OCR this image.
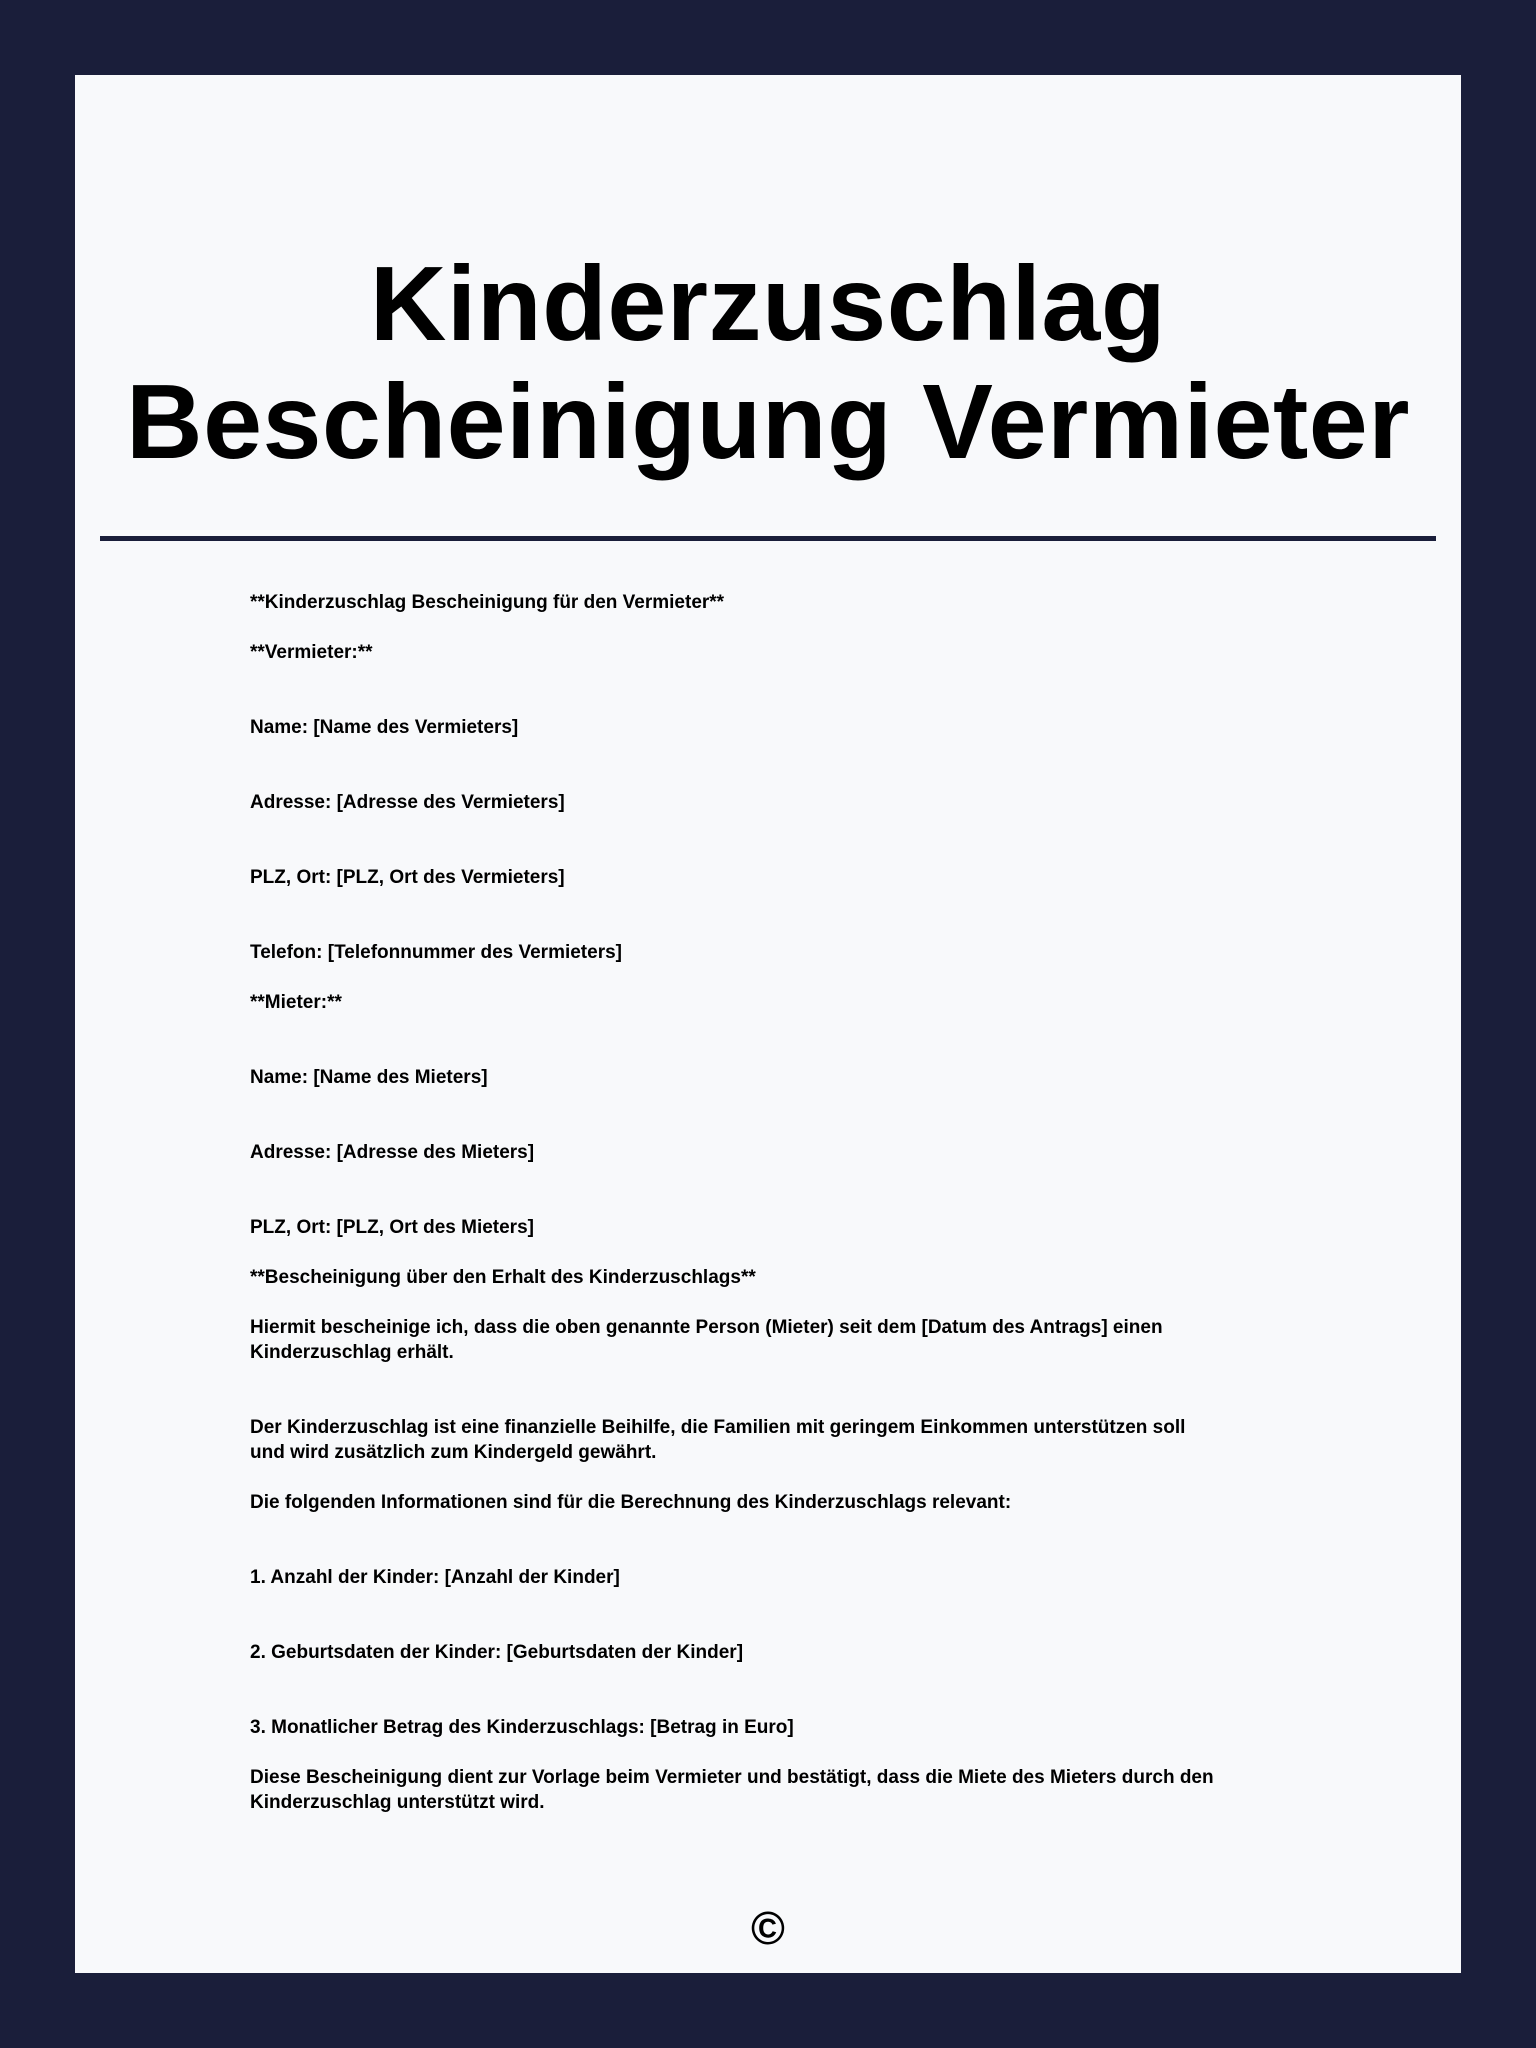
Kinderzuschlag
Bescheinigung Vermieter

**Kinderzuschlag Bescheinigung für den Vermieter**

**Vermieter:**

Name: [Name des Vermieters]

Adresse: [Adresse des Vermieters]

PLZ, Ort: [PLZ, Ort des Vermieters]

Telefon: [Telefonnummer des Vermieters]

**Mieter:**

Name: [Name des Mieters]

Adresse: [Adresse des Mieters]

PLZ, Ort: [PLZ, Ort des Mieters]

**Bescheinigung über den Erhalt des Kinderzuschlags**

Hiermit bescheinige ich, dass die oben genannte Person (Mieter) seit dem [Datum des Antrags] einen

Kinderzuschlag erhält.

Der Kinderzuschlag ist eine finanzielle Beihilfe, die Familien mit geringem Einkommen unterstützen soll

und wird zusätzlich zum Kindergeld gewährt.

Die folgenden Informationen sind für die Berechnung des Kinderzuschlags relevant:

1. Anzahl der Kinder: [Anzahl der Kinder]

2. Geburtsdaten der Kinder: [Geburtsdaten der Kinder]

3. Monatlicher Betrag des Kinderzuschlags: [Betrag in Euro]

Diese Bescheinigung dient zur Vorlage beim Vermieter und bestätigt, dass die Miete des Mieters durch den

Kinderzuschlag unterstützt wird.

©
